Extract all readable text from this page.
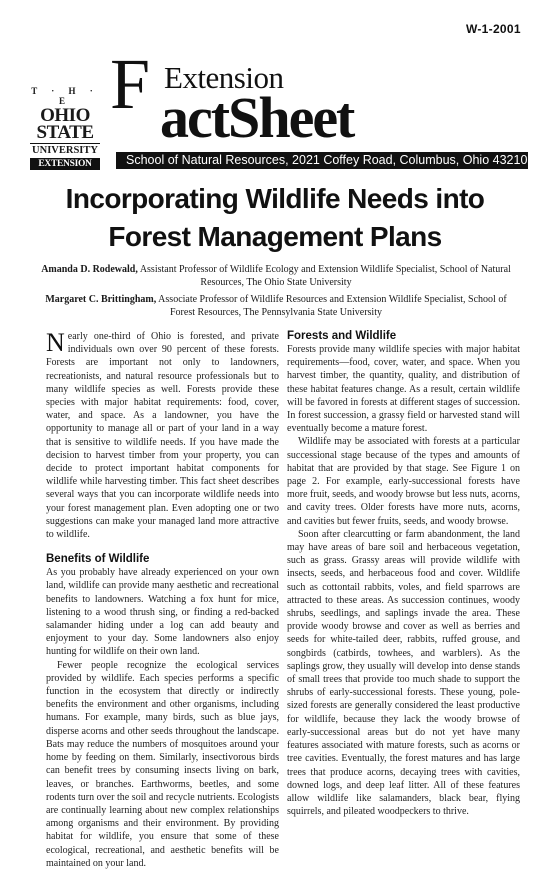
W-1-2001
T · H · E
OHIO
STATE
UNIVERSITY
EXTENSION
F Extension
actSheet
School of Natural Resources, 2021 Coffey Road, Columbus, Ohio 43210
Incorporating Wildlife Needs into
Forest Management Plans
Amanda D. Rodewald, Assistant Professor of Wildlife Ecology and Extension Wildlife Specialist, School of Natural Resources, The Ohio State University
Margaret C. Brittingham, Associate Professor of Wildlife Resources and Extension Wildlife Specialist, School of Forest Resources, The Pennsylvania State University

Nearly one-third of Ohio is forested, and private individuals own over 90 percent of these forests. Forests are important not only to landowners, recreationists, and natural resource professionals but to many wildlife species as well. Forests provide these species with major habitat requirements: food, cover, water, and space. As a landowner, you have the opportunity to manage all or part of your land in a way that is sensitive to wildlife needs. If you have made the decision to harvest timber from your property, you can decide to protect important habitat components for wildlife while harvesting timber. This fact sheet describes several ways that you can incorporate wildlife needs into your forest management plan. Even adopting one or two suggestions can make your managed land more attractive to wildlife.

Benefits of Wildlife

As you probably have already experienced on your own land, wildlife can provide many aesthetic and recreational benefits to landowners. Watching a fox hunt for mice, listening to a wood thrush sing, or finding a red-backed salamander hiding under a log can add beauty and enjoyment to your day. Some landowners also enjoy hunting for wildlife on their own land.

Fewer people recognize the ecological services provided by wildlife. Each species performs a specific function in the ecosystem that directly or indirectly benefits the environment and other organisms, including humans. For example, many birds, such as blue jays, disperse acorns and other seeds throughout the landscape. Bats may reduce the numbers of mosquitoes around your home by feeding on them. Similarly, insectivorous birds can benefit trees by consuming insects living on bark, leaves, or branches. Earthworms, beetles, and some rodents turn over the soil and recycle nutrients. Ecologists are continually learning about new complex relationships among organisms and their environment. By providing habitat for wildlife, you ensure that some of these ecological, recreational, and aesthetic benefits will be maintained on your land.

Forests and Wildlife

Forests provide many wildlife species with major habitat requirements—food, cover, water, and space. When you harvest timber, the quantity, quality, and distribution of these habitat features change. As a result, certain wildlife will be favored in forests at different stages of succession. In forest succession, a grassy field or harvested stand will eventually become a mature forest.

Wildlife may be associated with forests at a particular successional stage because of the types and amounts of habitat that are provided by that stage. See Figure 1 on page 2. For example, early-successional forests have more fruit, seeds, and woody browse but less nuts, acorns, and cavity trees. Older forests have more nuts, acorns, and cavities but fewer fruits, seeds, and woody browse.

Soon after clearcutting or farm abandonment, the land may have areas of bare soil and herbaceous vegetation, such as grass. Grassy areas will provide wildlife with insects, seeds, and herbaceous food and cover. Wildlife such as cottontail rabbits, voles, and field sparrows are attracted to these areas. As succession continues, woody shrubs, seedlings, and saplings invade the area. These provide woody browse and cover as well as berries and seeds for white-tailed deer, rabbits, ruffed grouse, and songbirds (catbirds, towhees, and warblers). As the saplings grow, they usually will develop into dense stands of small trees that provide too much shade to support the shrubs of early-successional forests. These young, pole-sized forests are generally considered the least productive for wildlife, because they lack the woody browse of early-successional areas but do not yet have many features associated with mature forests, such as acorns or tree cavities. Eventually, the forest matures and has large trees that produce acorns, decaying trees with cavities, downed logs, and deep leaf litter. All of these features allow wildlife like salamanders, black bear, flying squirrels, and pileated woodpeckers to thrive.
